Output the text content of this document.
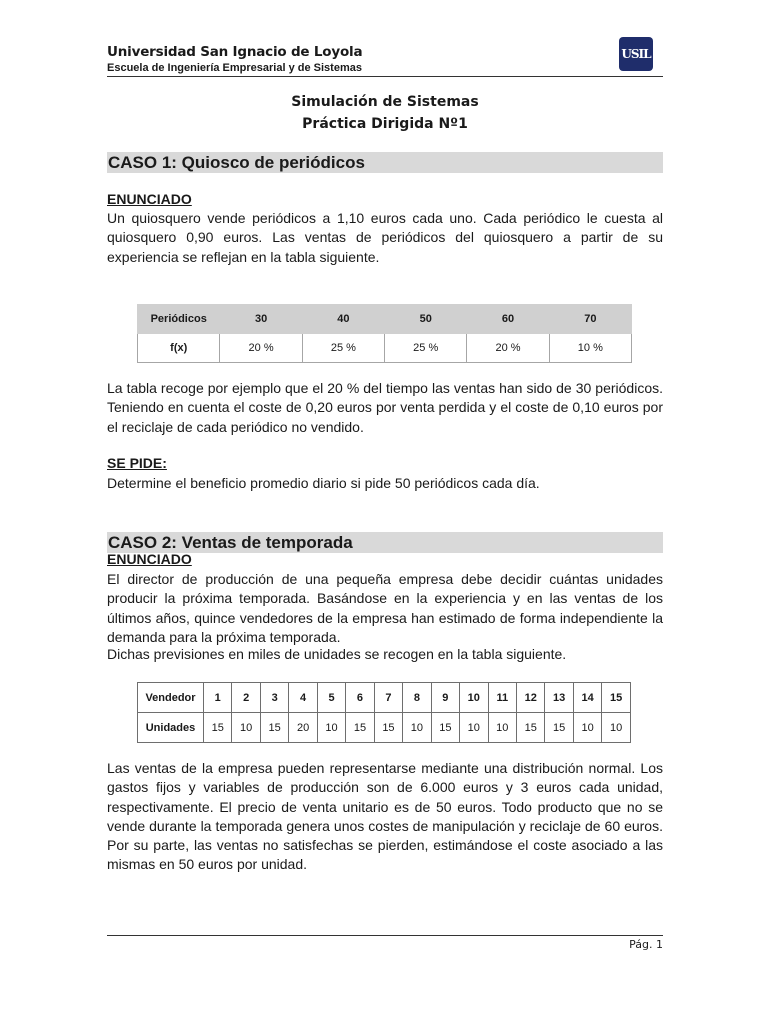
Universidad San Ignacio de Loyola
Escuela de Ingeniería Empresarial y de Sistemas
USIL
Simulación de Sistemas
Práctica Dirigida Nº1
CASO 1: Quiosco de periódicos
ENUNCIADO
Un quiosquero vende periódicos a 1,10 euros cada uno. Cada periódico le cuesta al quiosquero 0,90 euros. Las ventas de periódicos del quiosquero a partir de su experiencia se reflejan en la tabla siguiente.
Periódicos	30	40	50	60	70
f(x)	20 %	25 %	25 %	20 %	10 %
La tabla recoge por ejemplo que el 20 % del tiempo las ventas han sido de 30 periódicos. Teniendo en cuenta el coste de 0,20 euros por venta perdida y el coste de 0,10 euros por el reciclaje de cada periódico no vendido.
SE PIDE:
Determine el beneficio promedio diario si pide 50 periódicos cada día.
CASO 2: Ventas de temporada
ENUNCIADO
El director de producción de una pequeña empresa debe decidir cuántas unidades producir la próxima temporada. Basándose en la experiencia y en las ventas de los últimos años, quince vendedores de la empresa han estimado de forma independiente la demanda para la próxima temporada.
Dichas previsiones en miles de unidades se recogen en la tabla siguiente.
Vendedor	1	2	3	4	5	6	7	8	9	10	11	12	13	14	15
Unidades	15	10	15	20	10	15	15	10	15	10	10	15	15	10	10
Las ventas de la empresa pueden representarse mediante una distribución normal. Los gastos fijos y variables de producción son de 6.000 euros y 3 euros cada unidad, respectivamente. El precio de venta unitario es de 50 euros. Todo producto que no se vende durante la temporada genera unos costes de manipulación y reciclaje de 60 euros. Por su parte, las ventas no satisfechas se pierden, estimándose el coste asociado a las mismas en 50 euros por unidad.
Pág. 1
